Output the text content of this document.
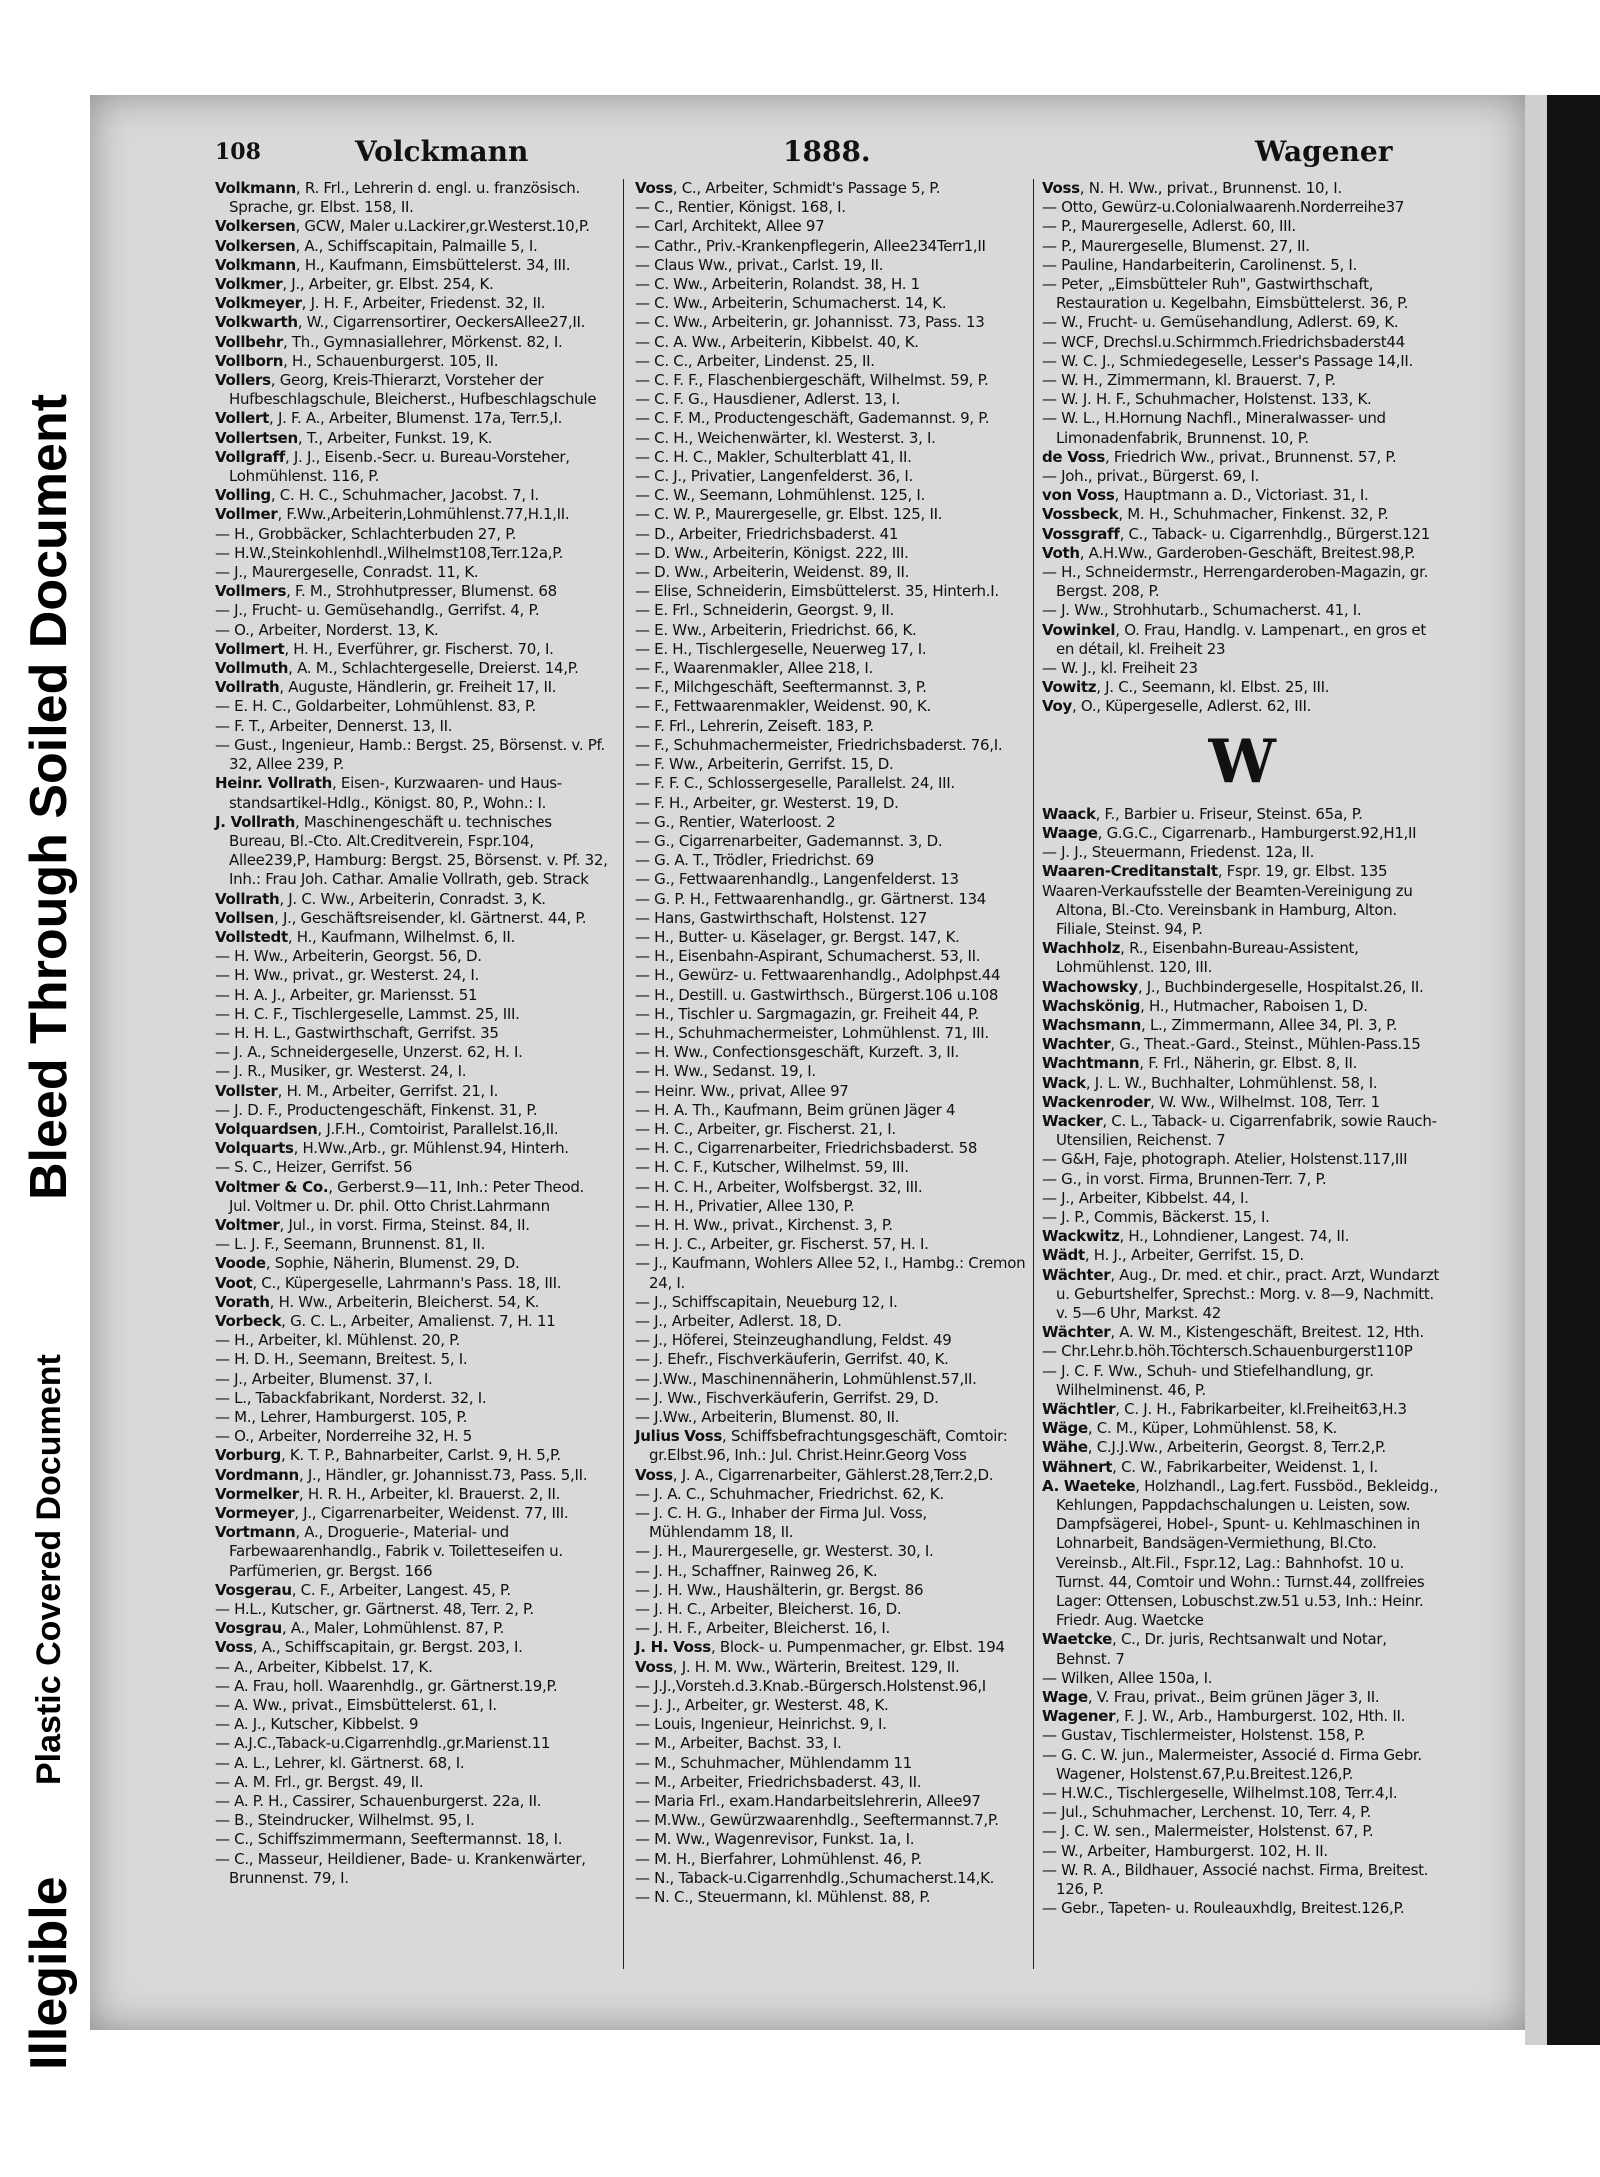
Illegible
Plastic Covered Document
Bleed Through Soiled Document
108	Volckmann	1888.	Wagener
Volkmann, R. Frl., Lehrerin d. engl. u. französisch. Sprache, gr. Elbst. 158, II.
Volkersen, GCW, Maler u.Lackirer,gr.Westerst.10,P.
Volkersen, A., Schiffscapitain, Palmaille 5, I.
Volkmann, H., Kaufmann, Eimsbüttelerst. 34, III.
Volkmer, J., Arbeiter, gr. Elbst. 254, K.
Volkmeyer, J. H. F., Arbeiter, Friedenst. 32, II.
Volkwarth, W., Cigarrensortirer, OeckersAllee27,II.
Vollbehr, Th., Gymnasiallehrer, Mörkenst. 82, I.
Vollborn, H., Schauenburgerst. 105, II.
Vollers, Georg, Kreis-Thierarzt, Vorsteher der Hufbeschlagschule, Bleicherst., Hufbeschlagschule
Vollert, J. F. A., Arbeiter, Blumenst. 17a, Terr.5,I.
Vollertsen, T., Arbeiter, Funkst. 19, K.
Vollgraff, J. J., Eisenb.-Secr. u. Bureau-Vorsteher, Lohmühlenst. 116, P.
Volling, C. H. C., Schuhmacher, Jacobst. 7, I.
Vollmer, F.Ww.,Arbeiterin,Lohmühlenst.77,H.1,II.
— H., Grobbäcker, Schlachterbuden 27, P.
— H.W.,Steinkohlenhdl.,Wilhelmst108,Terr.12a,P.
— J., Maurergeselle, Conradst. 11, K.
Vollmers, F. M., Strohhutpresser, Blumenst. 68
— J., Frucht- u. Gemüsehandlg., Gerrifst. 4, P.
— O., Arbeiter, Norderst. 13, K.
Vollmert, H. H., Everführer, gr. Fischerst. 70, I.
Vollmuth, A. M., Schlachtergeselle, Dreierst. 14,P.
Vollrath, Auguste, Händlerin, gr. Freiheit 17, II.
— E. H. C., Goldarbeiter, Lohmühlenst. 83, P.
— F. T., Arbeiter, Dennerst. 13, II.
— Gust., Ingenieur, Hamb.: Bergst. 25, Börsenst. v. Pf. 32, Allee 239, P.
Heinr. Vollrath, Eisen-, Kurzwaaren- und Haus-standsartikel-Hdlg., Königst. 80, P., Wohn.: I.
J. Vollrath, Maschinengeschäft u. technisches Bureau, Bl.-Cto. Alt.Creditverein, Fspr.104, Allee239,P, Hamburg: Bergst. 25, Börsenst. v. Pf. 32, Inh.: Frau Joh. Cathar. Amalie Vollrath, geb. Strack
Vollrath, J. C. Ww., Arbeiterin, Conradst. 3, K.
Vollsen, J., Geschäftsreisender, kl. Gärtnerst. 44, P.
Vollstedt, H., Kaufmann, Wilhelmst. 6, II.
— H. Ww., Arbeiterin, Georgst. 56, D.
— H. Ww., privat., gr. Westerst. 24, I.
— H. A. J., Arbeiter, gr. Mariensst. 51
— H. C. F., Tischlergeselle, Lammst. 25, III.
— H. H. L., Gastwirthschaft, Gerrifst. 35
— J. A., Schneidergeselle, Unzerst. 62, H. I.
— J. R., Musiker, gr. Westerst. 24, I.
Vollster, H. M., Arbeiter, Gerrifst. 21, I.
— J. D. F., Productengeschäft, Finkenst. 31, P.
Volquardsen, J.F.H., Comtoirist, Parallelst.16,II.
Volquarts, H.Ww.,Arb., gr. Mühlenst.94, Hinterh.
— S. C., Heizer, Gerrifst. 56
Voltmer & Co., Gerberst.9—11, Inh.: Peter Theod. Jul. Voltmer u. Dr. phil. Otto Christ.Lahrmann
Voltmer, Jul., in vorst. Firma, Steinst. 84, II.
— L. J. F., Seemann, Brunnenst. 81, II.
Voode, Sophie, Näherin, Blumenst. 29, D.
Voot, C., Küpergeselle, Lahrmann's Pass. 18, III.
Vorath, H. Ww., Arbeiterin, Bleicherst. 54, K.
Vorbeck, G. C. L., Arbeiter, Amalienst. 7, H. 11
— H., Arbeiter, kl. Mühlenst. 20, P.
— H. D. H., Seemann, Breitest. 5, I.
— J., Arbeiter, Blumenst. 37, I.
— L., Tabackfabrikant, Norderst. 32, I.
— M., Lehrer, Hamburgerst. 105, P.
— O., Arbeiter, Norderreihe 32, H. 5
Vorburg, K. T. P., Bahnarbeiter, Carlst. 9, H. 5,P.
Vordmann, J., Händler, gr. Johannisst.73, Pass. 5,II.
Vormelker, H. R. H., Arbeiter, kl. Brauerst. 2, II.
Vormeyer, J., Cigarrenarbeiter, Weidenst. 77, III.
Vortmann, A., Droguerie-, Material- und Farbewaarenhandlg., Fabrik v. Toiletteseifen u. Parfümerien, gr. Bergst. 166
Vosgerau, C. F., Arbeiter, Langest. 45, P.
— H.L., Kutscher, gr. Gärtnerst. 48, Terr. 2, P.
Vosgrau, A., Maler, Lohmühlenst. 87, P.
Voss, A., Schiffscapitain, gr. Bergst. 203, I.
— A., Arbeiter, Kibbelst. 17, K.
— A. Frau, holl. Waarenhdlg., gr. Gärtnerst.19,P.
— A. Ww., privat., Eimsbüttelerst. 61, I.
— A. J., Kutscher, Kibbelst. 9
— A.J.C.,Taback-u.Cigarrenhdlg.,gr.Marienst.11
— A. L., Lehrer, kl. Gärtnerst. 68, I.
— A. M. Frl., gr. Bergst. 49, II.
— A. P. H., Cassirer, Schauenburgerst. 22a, II.
— B., Steindrucker, Wilhelmst. 95, I.
— C., Schiffszimmermann, Seeftermannst. 18, I.
— C., Masseur, Heildiener, Bade- u. Krankenwärter, Brunnenst. 79, I.
Voss, C., Arbeiter, Schmidt's Passage 5, P.
— C., Rentier, Königst. 168, I.
— Carl, Architekt, Allee 97
— Cathr., Priv.-Krankenpflegerin, Allee234Terr1,II
— Claus Ww., privat., Carlst. 19, II.
— C. Ww., Arbeiterin, Rolandst. 38, H. 1
— C. Ww., Arbeiterin, Schumacherst. 14, K.
— C. Ww., Arbeiterin, gr. Johannisst. 73, Pass. 13
— C. A. Ww., Arbeiterin, Kibbelst. 40, K.
— C. C., Arbeiter, Lindenst. 25, II.
— C. F. F., Flaschenbiergeschäft, Wilhelmst. 59, P.
— C. F. G., Hausdiener, Adlerst. 13, I.
— C. F. M., Productengeschäft, Gademannst. 9, P.
— C. H., Weichenwärter, kl. Westerst. 3, I.
— C. H. C., Makler, Schulterblatt 41, II.
— C. J., Privatier, Langenfelderst. 36, I.
— C. W., Seemann, Lohmühlenst. 125, I.
— C. W. P., Maurergeselle, gr. Elbst. 125, II.
— D., Arbeiter, Friedrichsbaderst. 41
— D. Ww., Arbeiterin, Königst. 222, III.
— D. Ww., Arbeiterin, Weidenst. 89, II.
— Elise, Schneiderin, Eimsbüttelerst. 35, Hinterh.I.
— E. Frl., Schneiderin, Georgst. 9, II.
— E. Ww., Arbeiterin, Friedrichst. 66, K.
— E. H., Tischlergeselle, Neuerweg 17, I.
— F., Waarenmakler, Allee 218, I.
— F., Milchgeschäft, Seeftermannst. 3, P.
— F., Fettwaarenmakler, Weidenst. 90, K.
— F. Frl., Lehrerin, Zeiseft. 183, P.
— F., Schuhmachermeister, Friedrichsbaderst. 76,I.
— F. Ww., Arbeiterin, Gerrifst. 15, D.
— F. F. C., Schlossergeselle, Parallelst. 24, III.
— F. H., Arbeiter, gr. Westerst. 19, D.
— G., Rentier, Waterloost. 2
— G., Cigarrenarbeiter, Gademannst. 3, D.
— G. A. T., Trödler, Friedrichst. 69
— G., Fettwaarenhandlg., Langenfelderst. 13
— G. P. H., Fettwaarenhandlg., gr. Gärtnerst. 134
— Hans, Gastwirthschaft, Holstenst. 127
— H., Butter- u. Käselager, gr. Bergst. 147, K.
— H., Eisenbahn-Aspirant, Schumacherst. 53, II.
— H., Gewürz- u. Fettwaarenhandlg., Adolphpst.44
— H., Destill. u. Gastwirthsch., Bürgerst.106 u.108
— H., Tischler u. Sargmagazin, gr. Freiheit 44, P.
— H., Schuhmachermeister, Lohmühlenst. 71, III.
— H. Ww., Confectionsgeschäft, Kurzeft. 3, II.
— H. Ww., Sedanst. 19, I.
— Heinr. Ww., privat, Allee 97
— H. A. Th., Kaufmann, Beim grünen Jäger 4
— H. C., Arbeiter, gr. Fischerst. 21, I.
— H. C., Cigarrenarbeiter, Friedrichsbaderst. 58
— H. C. F., Kutscher, Wilhelmst. 59, III.
— H. C. H., Arbeiter, Wolfsbergst. 32, III.
— H. H., Privatier, Allee 130, P.
— H. H. Ww., privat., Kirchenst. 3, P.
— H. J. C., Arbeiter, gr. Fischerst. 57, H. I.
— J., Kaufmann, Wohlers Allee 52, I., Hambg.: Cremon 24, I.
— J., Schiffscapitain, Neueburg 12, I.
— J., Arbeiter, Adlerst. 18, D.
— J., Höferei, Steinzeughandlung, Feldst. 49
— J. Ehefr., Fischverkäuferin, Gerrifst. 40, K.
— J.Ww., Maschinennäherin, Lohmühlenst.57,II.
— J. Ww., Fischverkäuferin, Gerrifst. 29, D.
— J.Ww., Arbeiterin, Blumenst. 80, II.
Julius Voss, Schiffsbefrachtungsgeschäft, Comtoir: gr.Elbst.96, Inh.: Jul. Christ.Heinr.Georg Voss
Voss, J. A., Cigarrenarbeiter, Gählerst.28,Terr.2,D.
— J. A. C., Schuhmacher, Friedrichst. 62, K.
— J. C. H. G., Inhaber der Firma Jul. Voss, Mühlendamm 18, II.
— J. H., Maurergeselle, gr. Westerst. 30, I.
— J. H., Schaffner, Rainweg 26, K.
— J. H. Ww., Haushälterin, gr. Bergst. 86
— J. H. C., Arbeiter, Bleicherst. 16, D.
— J. H. F., Arbeiter, Bleicherst. 16, I.
J. H. Voss, Block- u. Pumpenmacher, gr. Elbst. 194
Voss, J. H. M. Ww., Wärterin, Breitest. 129, II.
— J.J.,Vorsteh.d.3.Knab.-Bürgersch.Holstenst.96,I
— J. J., Arbeiter, gr. Westerst. 48, K.
— Louis, Ingenieur, Heinrichst. 9, I.
— M., Arbeiter, Bachst. 33, I.
— M., Schuhmacher, Mühlendamm 11
— M., Arbeiter, Friedrichsbaderst. 43, II.
— Maria Frl., exam.Handarbeitslehrerin, Allee97
— M.Ww., Gewürzwaarenhdlg., Seeftermannst.7,P.
— M. Ww., Wagenrevisor, Funkst. 1a, I.
— M. H., Bierfahrer, Lohmühlenst. 46, P.
— N., Taback-u.Cigarrenhdlg.,Schumacherst.14,K.
— N. C., Steuermann, kl. Mühlenst. 88, P.
Voss, N. H. Ww., privat., Brunnenst. 10, I.
— Otto, Gewürz-u.Colonialwaarenh.Norderreihe37
— P., Maurergeselle, Adlerst. 60, III.
— P., Maurergeselle, Blumenst. 27, II.
— Pauline, Handarbeiterin, Carolinenst. 5, I.
— Peter, „Eimsbütteler Ruh", Gastwirthschaft, Restauration u. Kegelbahn, Eimsbüttelerst. 36, P.
— W., Frucht- u. Gemüsehandlung, Adlerst. 69, K.
— WCF, Drechsl.u.Schirmmch.Friedrichsbaderst44
— W. C. J., Schmiedegeselle, Lesser's Passage 14,II.
— W. H., Zimmermann, kl. Brauerst. 7, P.
— W. J. H. F., Schuhmacher, Holstenst. 133, K.
— W. L., H.Hornung Nachfl., Mineralwasser- und Limonadenfabrik, Brunnenst. 10, P.
de Voss, Friedrich Ww., privat., Brunnenst. 57, P.
— Joh., privat., Bürgerst. 69, I.
von Voss, Hauptmann a. D., Victoriast. 31, I.
Vossbeck, M. H., Schuhmacher, Finkenst. 32, P.
Vossgraff, C., Taback- u. Cigarrenhdlg., Bürgerst.121
Voth, A.H.Ww., Garderoben-Geschäft, Breitest.98,P.
— H., Schneidermstr., Herrengarderoben-Magazin, gr. Bergst. 208, P.
— J. Ww., Strohhutarb., Schumacherst. 41, I.
Vowinkel, O. Frau, Handlg. v. Lampenart., en gros et en détail, kl. Freiheit 23
— W. J., kl. Freiheit 23
Vowitz, J. C., Seemann, kl. Elbst. 25, III.
Voy, O., Küpergeselle, Adlerst. 62, III.
W
Waack, F., Barbier u. Friseur, Steinst. 65a, P.
Waage, G.G.C., Cigarrenarb., Hamburgerst.92,H1,II
— J. J., Steuermann, Friedenst. 12a, II.
Waaren-Creditanstalt, Fspr. 19, gr. Elbst. 135
Waaren-Verkaufsstelle der Beamten-Vereinigung zu Altona, Bl.-Cto. Vereinsbank in Hamburg, Alton. Filiale, Steinst. 94, P.
Wachholz, R., Eisenbahn-Bureau-Assistent, Lohmühlenst. 120, III.
Wachowsky, J., Buchbindergeselle, Hospitalst.26, II.
Wachskönig, H., Hutmacher, Raboisen 1, D.
Wachsmann, L., Zimmermann, Allee 34, Pl. 3, P.
Wachter, G., Theat.-Gard., Steinst., Mühlen-Pass.15
Wachtmann, F. Frl., Näherin, gr. Elbst. 8, II.
Wack, J. L. W., Buchhalter, Lohmühlenst. 58, I.
Wackenroder, W. Ww., Wilhelmst. 108, Terr. 1
Wacker, C. L., Taback- u. Cigarrenfabrik, sowie Rauch-Utensilien, Reichenst. 7
— G&H, Faje, photograph. Atelier, Holstenst.117,III
— G., in vorst. Firma, Brunnen-Terr. 7, P.
— J., Arbeiter, Kibbelst. 44, I.
— J. P., Commis, Bäckerst. 15, I.
Wackwitz, H., Lohndiener, Langest. 74, II.
Wädt, H. J., Arbeiter, Gerrifst. 15, D.
Wächter, Aug., Dr. med. et chir., pract. Arzt, Wundarzt u. Geburtshelfer, Sprechst.: Morg. v. 8—9, Nachmitt. v. 5—6 Uhr, Markst. 42
Wächter, A. W. M., Kistengeschäft, Breitest. 12, Hth.
— Chr.Lehr.b.höh.Töchtersch.Schauenburgerst110P
— J. C. F. Ww., Schuh- und Stiefelhandlung, gr. Wilhelminenst. 46, P.
Wächtler, C. J. H., Fabrikarbeiter, kl.Freiheit63,H.3
Wäge, C. M., Küper, Lohmühlenst. 58, K.
Wähe, C.J.J.Ww., Arbeiterin, Georgst. 8, Terr.2,P.
Wähnert, C. W., Fabrikarbeiter, Weidenst. 1, I.
A. Waeteke, Holzhandl., Lag.fert. Fussböd., Bekleidg., Kehlungen, Pappdachschalungen u. Leisten, sow. Dampfsägerei, Hobel-, Spunt- u. Kehlmaschinen in Lohnarbeit, Bandsägen-Vermiethung, Bl.Cto. Vereinsb., Alt.Fil., Fspr.12, Lag.: Bahnhofst. 10 u. Turnst. 44, Comtoir und Wohn.: Turnst.44, zollfreies Lager: Ottensen, Lobuschst.zw.51 u.53, Inh.: Heinr. Friedr. Aug. Waetcke
Waetcke, C., Dr. juris, Rechtsanwalt und Notar, Behnst. 7
— Wilken, Allee 150a, I.
Wage, V. Frau, privat., Beim grünen Jäger 3, II.
Wagener, F. J. W., Arb., Hamburgerst. 102, Hth. II.
— Gustav, Tischlermeister, Holstenst. 158, P.
— G. C. W. jun., Malermeister, Associé d. Firma Gebr. Wagener, Holstenst.67,P.u.Breitest.126,P.
— H.W.C., Tischlergeselle, Wilhelmst.108, Terr.4,I.
— Jul., Schuhmacher, Lerchenst. 10, Terr. 4, P.
— J. C. W. sen., Malermeister, Holstenst. 67, P.
— W., Arbeiter, Hamburgerst. 102, H. II.
— W. R. A., Bildhauer, Associé nachst. Firma, Breitest. 126, P.
— Gebr., Tapeten- u. Rouleauxhdlg, Breitest.126,P.
